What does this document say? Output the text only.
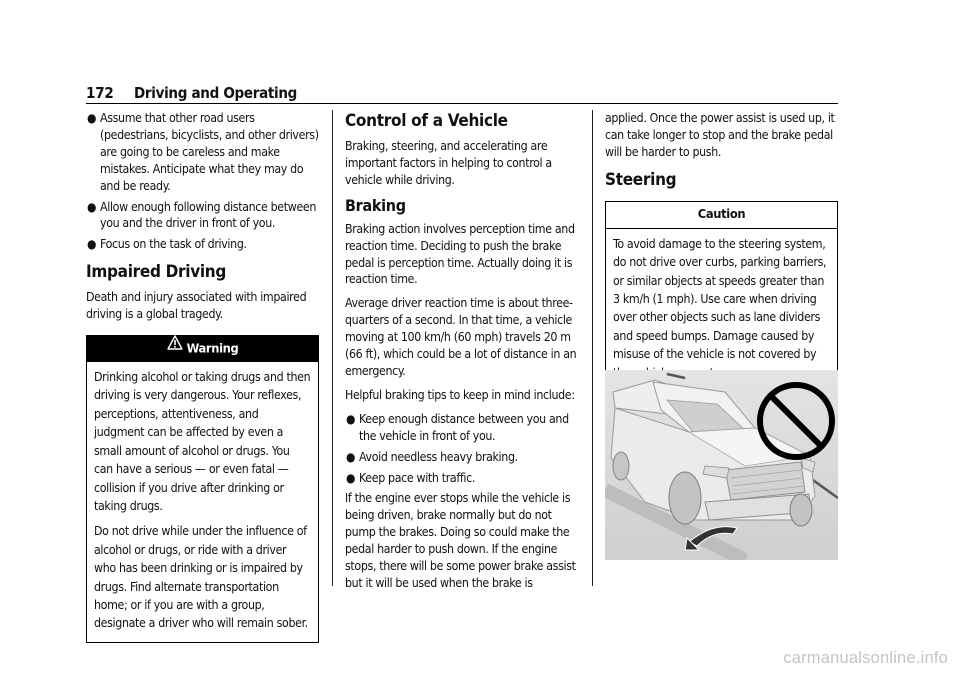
172 Driving and Operating
● Assume that other road users (pedestrians, bicyclists, and other drivers) are going to be careless and make mistakes. Anticipate what they may do and be ready.
● Allow enough following distance between you and the driver in front of you.
● Focus on the task of driving.
Impaired Driving

Death and injury associated with impaired driving is a global tragedy.

Warning

Drinking alcohol or taking drugs and then driving is very dangerous. Your reflexes, perceptions, attentiveness, and judgment can be affected by even a small amount of alcohol or drugs. You can have a serious — or even fatal — collision if you drive after drinking or taking drugs.

Do not drive while under the influence of alcohol or drugs, or ride with a driver who has been drinking or is impaired by drugs. Find alternate transportation home; or if you are with a group, designate a driver who will remain sober.

Control of a Vehicle

Braking, steering, and accelerating are important factors in helping to control a vehicle while driving.

Braking

Braking action involves perception time and reaction time. Deciding to push the brake pedal is perception time. Actually doing it is reaction time.

Average driver reaction time is about three-quarters of a second. In that time, a vehicle moving at 100 km/h (60 mph) travels 20 m (66 ft), which could be a lot of distance in an emergency.

Helpful braking tips to keep in mind include:

● Keep enough distance between you and the vehicle in front of you.
● Avoid needless heavy braking.
● Keep pace with traffic.

If the engine ever stops while the vehicle is being driven, brake normally but do not pump the brakes. Doing so could make the pedal harder to push down. If the engine stops, there will be some power brake assist but it will be used when the brake is

applied. Once the power assist is used up, it can take longer to stop and the brake pedal will be harder to push.

Steering
Caution

To avoid damage to the steering system, do not drive over curbs, parking barriers, or similar objects at speeds greater than 3 km/h (1 mph). Use care when driving over other objects such as lane dividers and speed bumps. Damage caused by misuse of the vehicle is not covered by

carmanualsonline.info
